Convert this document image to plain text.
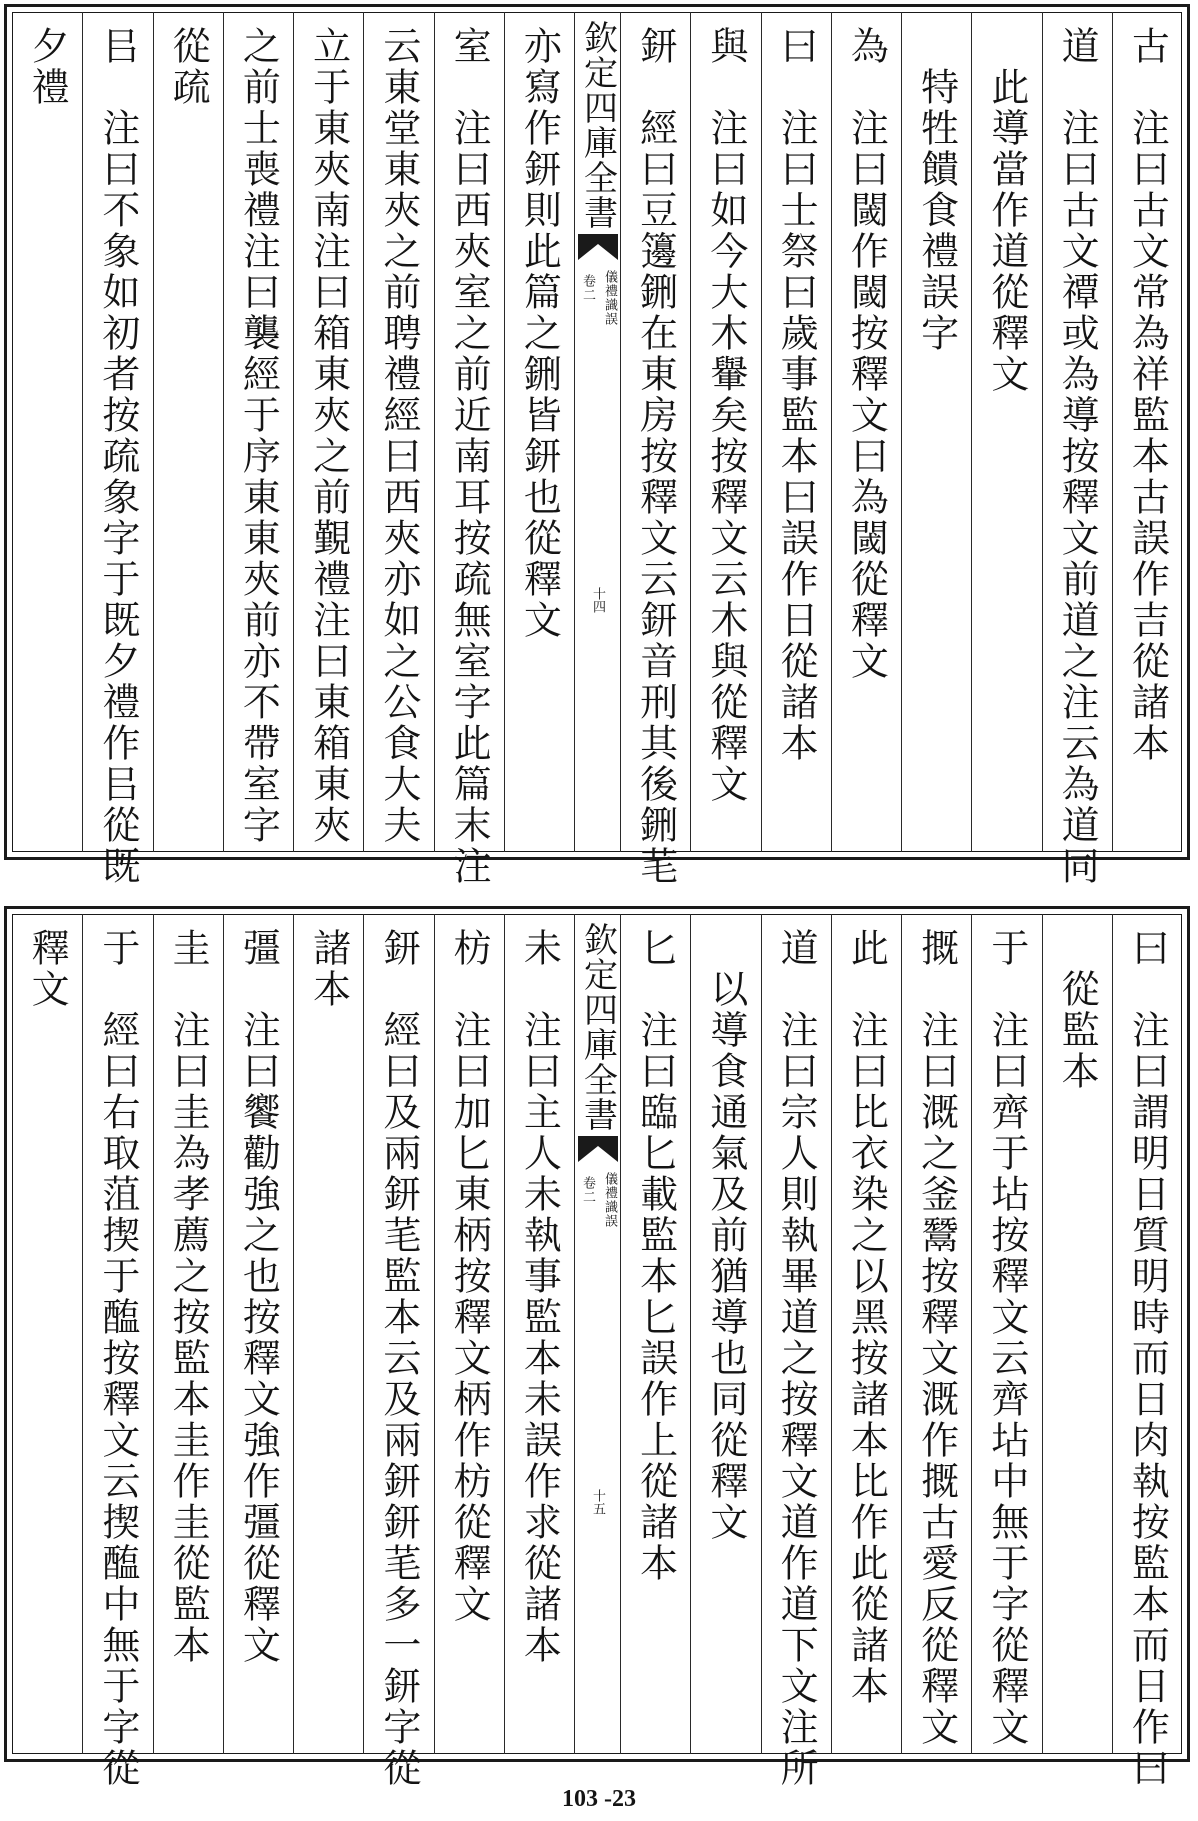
古　注曰古文常為祥監本古誤作吉從諸本
道　注曰古文禫或為導按釋文前道之注云為道同
　此導當作道從釋文
　特牲饋食禮誤字
為　注曰閾作閾按釋文曰為閾從釋文
曰　注曰士祭曰歲事監本曰誤作日從諸本
與　注曰如今大木轝矣按釋文云木與從釋文
鈃　經曰豆籩鉶在東房按釋文云鈃音刑其後鉶芼
欽定四庫全書
儀禮識誤
卷二
十四
亦寫作鈃則此篇之鉶皆鈃也從釋文
室　注曰西夾室之前近南耳按疏無室字此篇末注
云東堂東夾之前聘禮經曰西夾亦如之公食大夫
立于東夾南注曰箱東夾之前覲禮注曰東箱東夾
之前士喪禮注曰襲經于序東東夾前亦不帶室字
從疏
㠯　注曰不象如初者按疏象字于既夕禮作㠯從既
夕禮
曰　注曰謂明日質明時而日肉執按監本而日作曰
　從監本
于　注曰齊于坫按釋文云齊坫中無于字從釋文
摡　注曰溉之釜鬵按釋文溉作摡古愛反從釋文
此　注曰比衣染之以黑按諸本比作此從諸本
道　注曰宗人則執畢道之按釋文道作道下文注所
　以導食通氣及前猶導也同從釋文
匕　注曰臨匕載監本匕誤作上從諸本
欽定四庫全書
儀禮識誤
卷二
十五
未　注曰主人未執事監本未誤作求從諸本
枋　注曰加匕東柄按釋文柄作枋從釋文
鈃　經曰及兩鈃芼監本云及兩鈃鈃芼多一鈃字從
諸本
彊　注曰饗勸強之也按釋文強作彊從釋文
圭　注曰圭為孝薦之按監本圭作圭從監本
于　經曰右取菹揳于醢按釋文云揳醢中無于字從
釋文
103 -23
